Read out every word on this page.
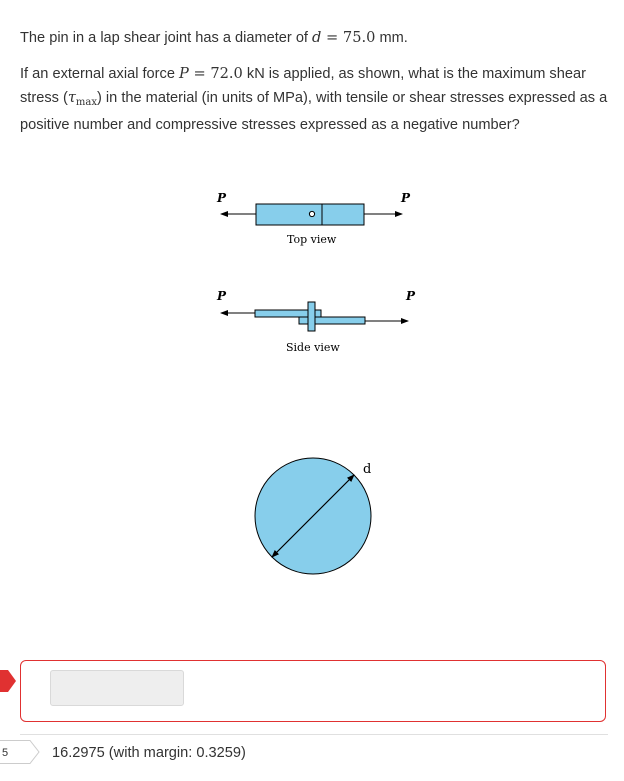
The pin in a lap shear joint has a diameter of d = 75.0 mm.

If an external axial force P = 72.0 kN is applied, as shown, what is the maximum shear stress $(\tau_{max})$ in the material (in units of MPa), with tensile or shear stresses expressed as a positive number and compressive stresses expressed as a negative number?

P	P
Top view
P	P
Side view
d
5	16.2975 (with margin: 0.3259)
